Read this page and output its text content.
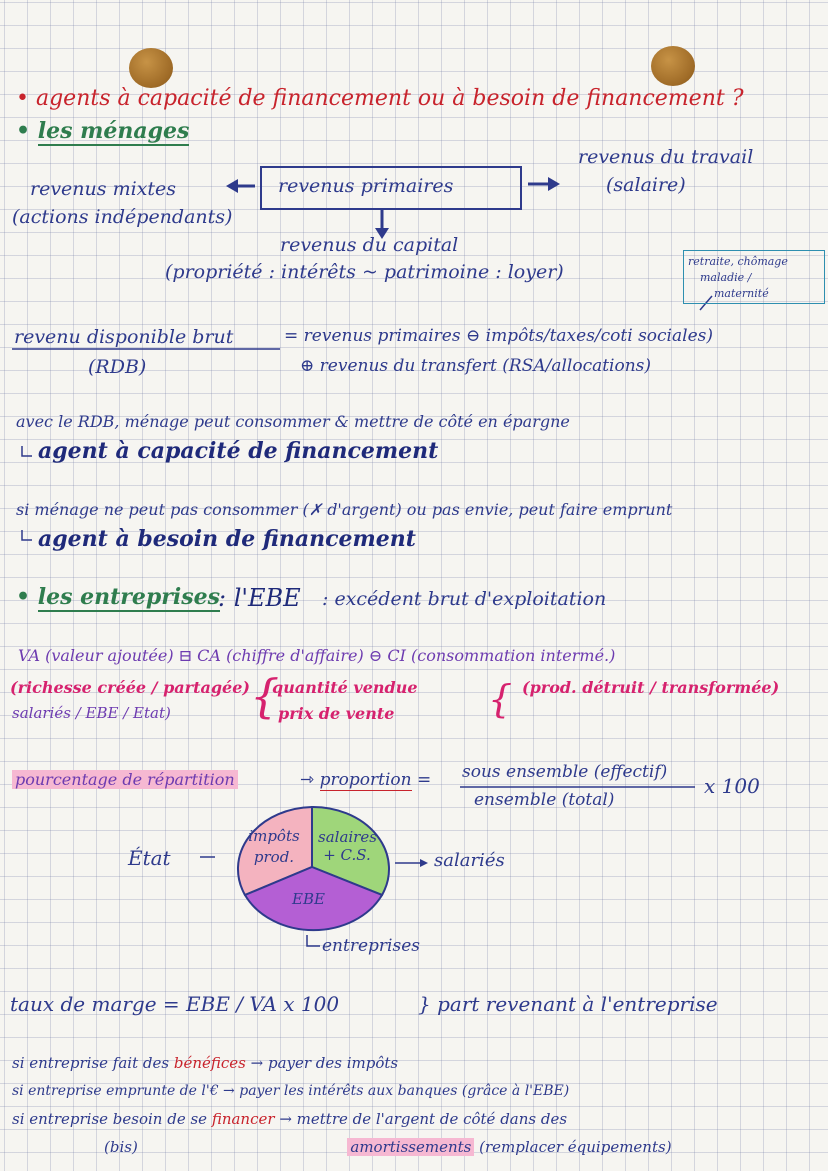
{	{
• agents à capacité de financement ou à besoin de financement ?
• les ménages
revenus du travail
(salaire)
revenus mixtes
(actions indépendants)
revenus primaires
revenus du capital
(propriété : intérêts ~ patrimoine : loyer)	retraite, chômage
maladie /
maternité
revenu disponible brut
(RDB)
= revenus primaires ⊖ impôts/taxes/coti sociales)
⊕ revenus du transfert (RSA/allocations)
avec le RDB, ménage peut consommer & mettre de côté en épargne
agent à capacité de financement
si ménage ne peut pas consommer (✗ d'argent) ou pas envie, peut faire emprunt
agent à besoin de financement
• les entreprises
: l'EBE : excédent brut d'exploitation
VA (valeur ajoutée) ⊟ CA (chiffre d'affaire) ⊖ CI (consommation intermé.)
(richesse créée / partagée)
salariés / EBE / Etat)
quantité vendue
prix de vente
(prod. détruit / transformée)
pourcentage de répartition	⇾ proportion = sous ensemble (effectif)
ensemble (total)
x 100
État	salariés
entreprises
impôts prod.
salaires + C.S.
EBE
taux de marge = EBE / VA x 100	} part revenant à l'entreprise
si entreprise fait des bénéfices → payer des impôts
si entreprise emprunte de l'€ → payer les intérêts aux banques (grâce à l'EBE)
si entreprise besoin de se financer → mettre de l'argent de côté dans des
(bis)	amortissements (remplacer équipements)
